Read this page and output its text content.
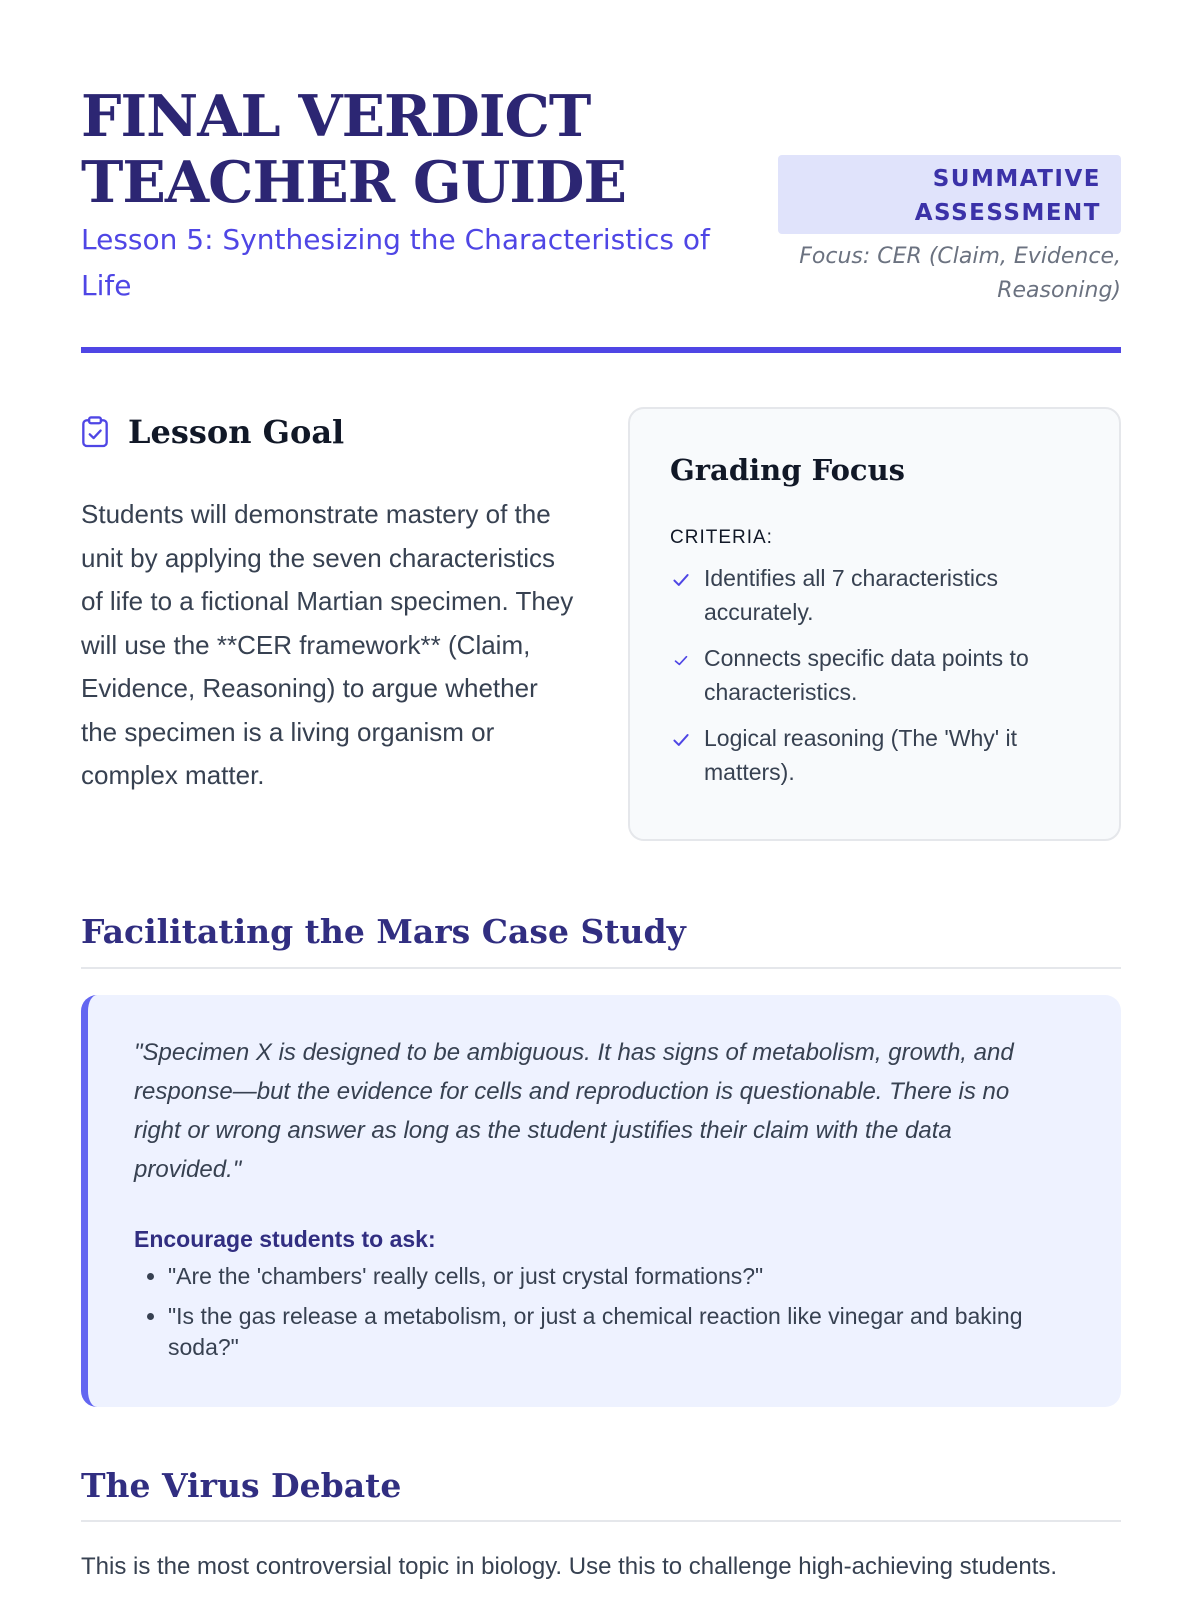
FINAL VERDICT
TEACHER GUIDE
Lesson 5: Synthesizing the Characteristics of Life
SUMMATIVE
ASSESSMENT
Focus: CER (Claim, Evidence,
Reasoning)
Lesson Goal

Students will demonstrate mastery of the unit by applying the seven characteristics of life to a fictional Martian specimen. They will use the **CER framework** (Claim, Evidence, Reasoning) to argue whether the specimen is a living organism or complex matter.

Grading Focus
CRITERIA:
Identifies all 7 characteristics accurately.
Connects specific data points to characteristics.
Logical reasoning (The 'Why' it matters).
Facilitating the Mars Case Study

"Specimen X is designed to be ambiguous. It has signs of metabolism, growth, and response—but the evidence for cells and reproduction is questionable. There is no right or wrong answer as long as the student justifies their claim with the data provided."

Encourage students to ask:
• "Are the 'chambers' really cells, or just crystal formations?"
• "Is the gas release a metabolism, or just a chemical reaction like vinegar and baking soda?"
The Virus Debate

This is the most controversial topic in biology. Use this to challenge high-achieving students.
